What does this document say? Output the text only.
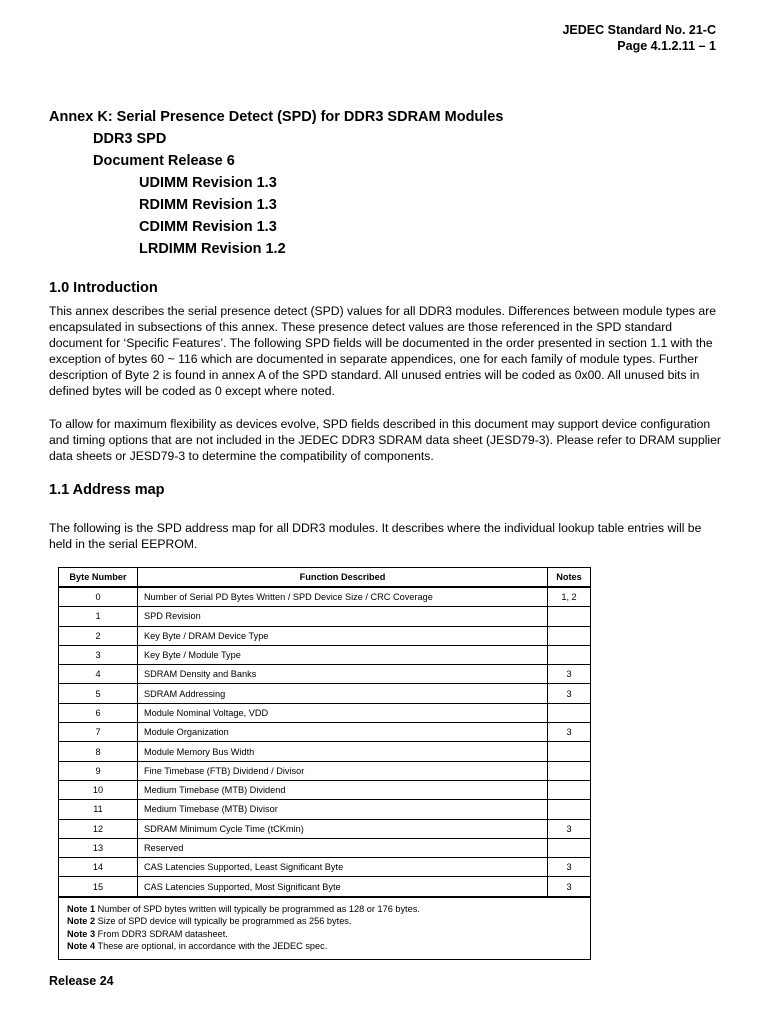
JEDEC Standard No. 21-C
Page 4.1.2.11 – 1
Annex K: Serial Presence Detect (SPD) for DDR3 SDRAM Modules
DDR3 SPD
Document Release 6
UDIMM Revision 1.3
RDIMM Revision 1.3
CDIMM Revision 1.3
LRDIMM Revision 1.2
1.0 Introduction
This annex describes the serial presence detect (SPD) values for all DDR3 modules. Differences between module types are encapsulated in subsections of this annex. These presence detect values are those referenced in the SPD standard document for ‘Specific Features’. The following SPD fields will be documented in the order presented in section 1.1 with the exception of bytes 60 ~ 116 which are documented in separate appendices, one for each family of module types. Further description of Byte 2 is found in annex A of the SPD standard. All unused entries will be coded as 0x00. All unused bits in defined bytes will be coded as 0 except where noted.
To allow for maximum flexibility as devices evolve, SPD fields described in this document may support device configuration and timing options that are not included in the JEDEC DDR3 SDRAM data sheet (JESD79-3). Please refer to DRAM supplier data sheets or JESD79-3 to determine the compatibility of components.
1.1 Address map
The following is the SPD address map for all DDR3 modules. It describes where the individual lookup table entries will be held in the serial EEPROM.
Byte Number	Function Described	Notes
0	Number of Serial PD Bytes Written / SPD Device Size / CRC Coverage	1, 2
1	SPD Revision	
2	Key Byte / DRAM Device Type	
3	Key Byte / Module Type	
4	SDRAM Density and Banks	3
5	SDRAM Addressing	3
6	Module Nominal Voltage, VDD	
7	Module Organization	3
8	Module Memory Bus Width	
9	Fine Timebase (FTB) Dividend / Divisor	
10	Medium Timebase (MTB) Dividend	
11	Medium Timebase (MTB) Divisor	
12	SDRAM Minimum Cycle Time (tCKmin)	3
13	Reserved	
14	CAS Latencies Supported, Least Significant Byte	3
15	CAS Latencies Supported, Most Significant Byte	3

Note 1 Number of SPD bytes written will typically be programmed as 128 or 176 bytes.
Note 2 Size of SPD device will typically be programmed as 256 bytes.
Note 3 From DDR3 SDRAM datasheet.
Note 4 These are optional, in accordance with the JEDEC spec.		
Release 24
